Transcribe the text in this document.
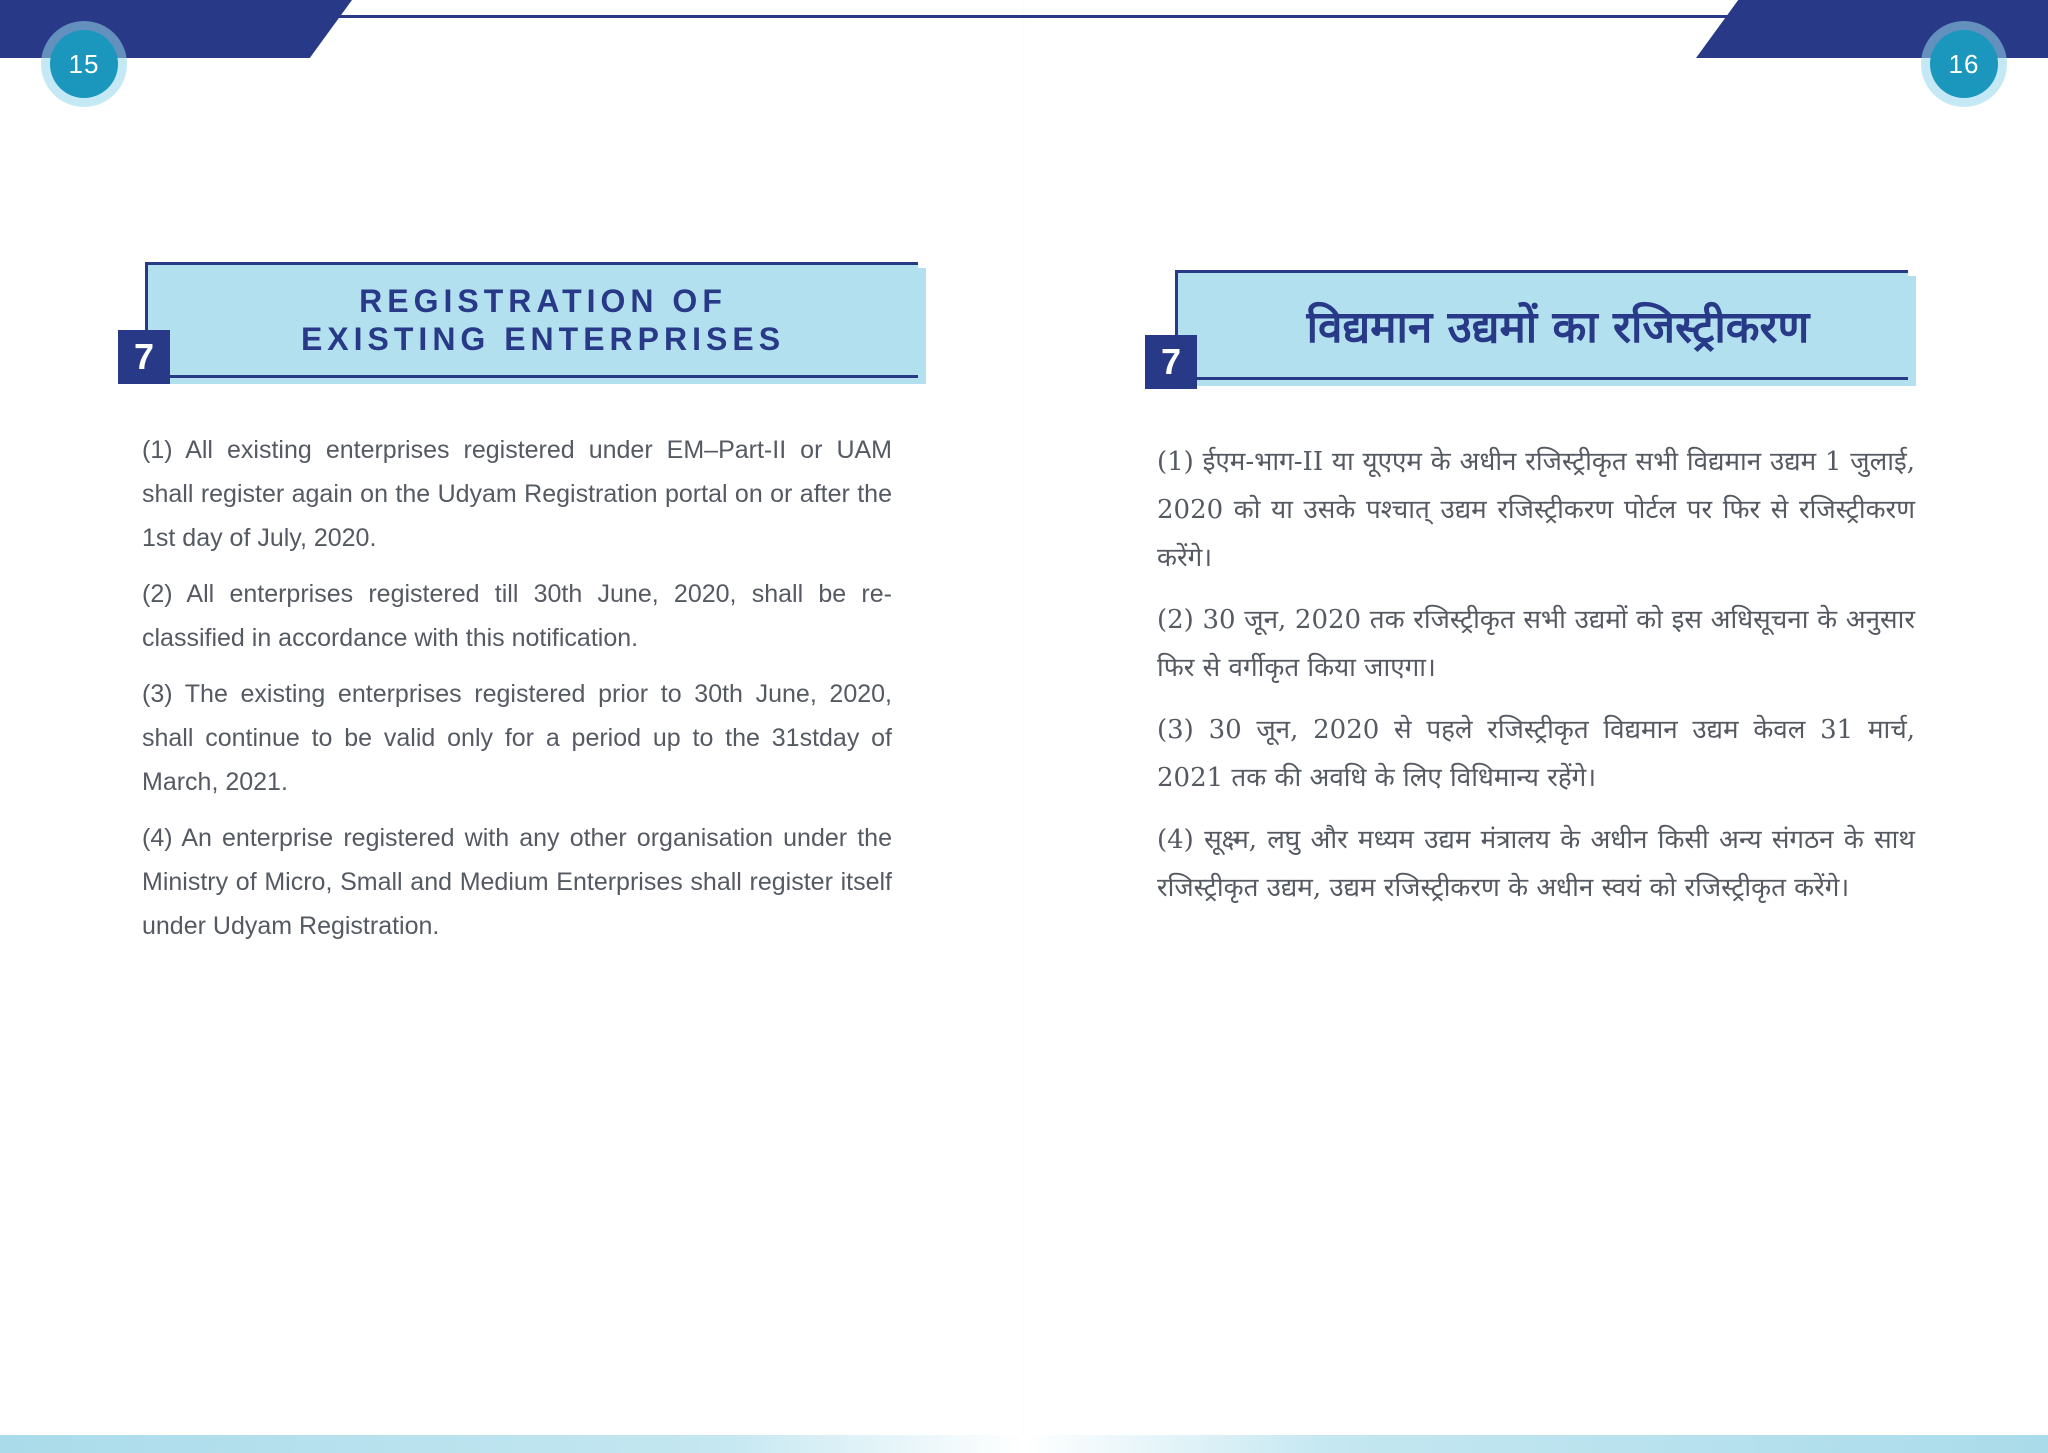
15	16
REGISTRATION OF
EXISTING ENTERPRISES
7

(1) All existing enterprises registered under EM–Part-II or UAM shall register again on the Udyam Registration portal on or after the 1st day of July, 2020.

(2) All enterprises registered till 30th June, 2020, shall be re-classified in accordance with this notification.

(3) The existing enterprises registered prior to 30th June, 2020, shall continue to be valid only for a period up to the 31stday of March, 2021.

(4) An enterprise registered with any other organisation under the Ministry of Micro, Small and Medium Enterprises shall register itself under Udyam Registration.

विद्यमान उद्यमों का रजिस्ट्रीकरण
7

(1) ईएम-भाग-II या यूएएम के अधीन रजिस्ट्रीकृत सभी विद्यमान उद्यम 1 जुलाई, 2020 को या उसके पश्चात् उद्यम रजिस्ट्रीकरण पोर्टल पर फिर से रजिस्ट्रीकरण करेंगे।

(2) 30 जून, 2020 तक रजिस्ट्रीकृत सभी उद्यमों को इस अधिसूचना के अनुसार फिर से वर्गीकृत किया जाएगा।

(3) 30 जून, 2020 से पहले रजिस्ट्रीकृत विद्यमान उद्यम केवल 31 मार्च, 2021 तक की अवधि के लिए विधिमान्य रहेंगे।

(4) सूक्ष्म, लघु और मध्यम उद्यम मंत्रालय के अधीन किसी अन्य संगठन के साथ रजिस्ट्रीकृत उद्यम, उद्यम रजिस्ट्रीकरण के अधीन स्वयं को रजिस्ट्रीकृत करेंगे।
